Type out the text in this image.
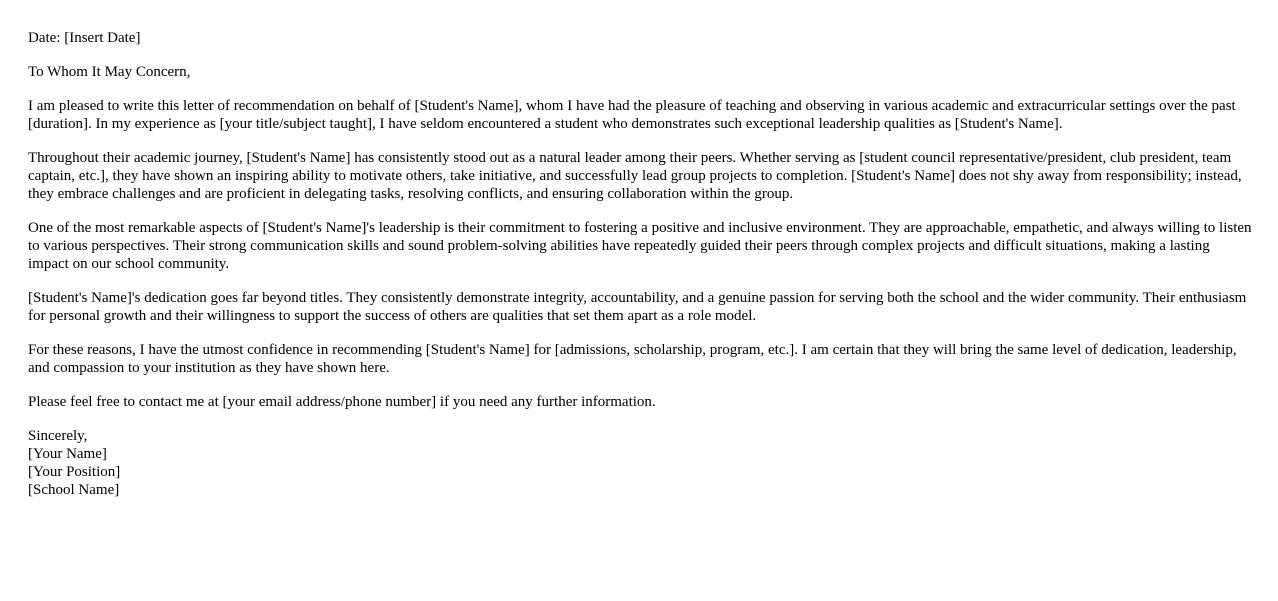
Date: [Insert Date]
To Whom It May Concern,

I am pleased to write this letter of recommendation on behalf of [Student's Name], whom I have had the pleasure of teaching and observing in various academic and extracurricular settings over the past [duration]. In my experience as [your title/subject taught], I have seldom encountered a student who demonstrates such exceptional leadership qualities as [Student's Name].

Throughout their academic journey, [Student's Name] has consistently stood out as a natural leader among their peers. Whether serving as [student council representative/president, club president, team captain, etc.], they have shown an inspiring ability to motivate others, take initiative, and successfully lead group projects to completion. [Student's Name] does not shy away from responsibility; instead, they embrace challenges and are proficient in delegating tasks, resolving conflicts, and ensuring collaboration within the group.

One of the most remarkable aspects of [Student's Name]'s leadership is their commitment to fostering a positive and inclusive environment. They are approachable, empathetic, and always willing to listen to various perspectives. Their strong communication skills and sound problem-solving abilities have repeatedly guided their peers through complex projects and difficult situations, making a lasting impact on our school community.

[Student's Name]'s dedication goes far beyond titles. They consistently demonstrate integrity, accountability, and a genuine passion for serving both the school and the wider community. Their enthusiasm for personal growth and their willingness to support the success of others are qualities that set them apart as a role model.

For these reasons, I have the utmost confidence in recommending [Student's Name] for [admissions, scholarship, program, etc.]. I am certain that they will bring the same level of dedication, leadership, and compassion to your institution as they have shown here.

Please feel free to contact me at [your email address/phone number] if you need any further information.

Sincerely,
[Your Name]
[Your Position]
[School Name]
